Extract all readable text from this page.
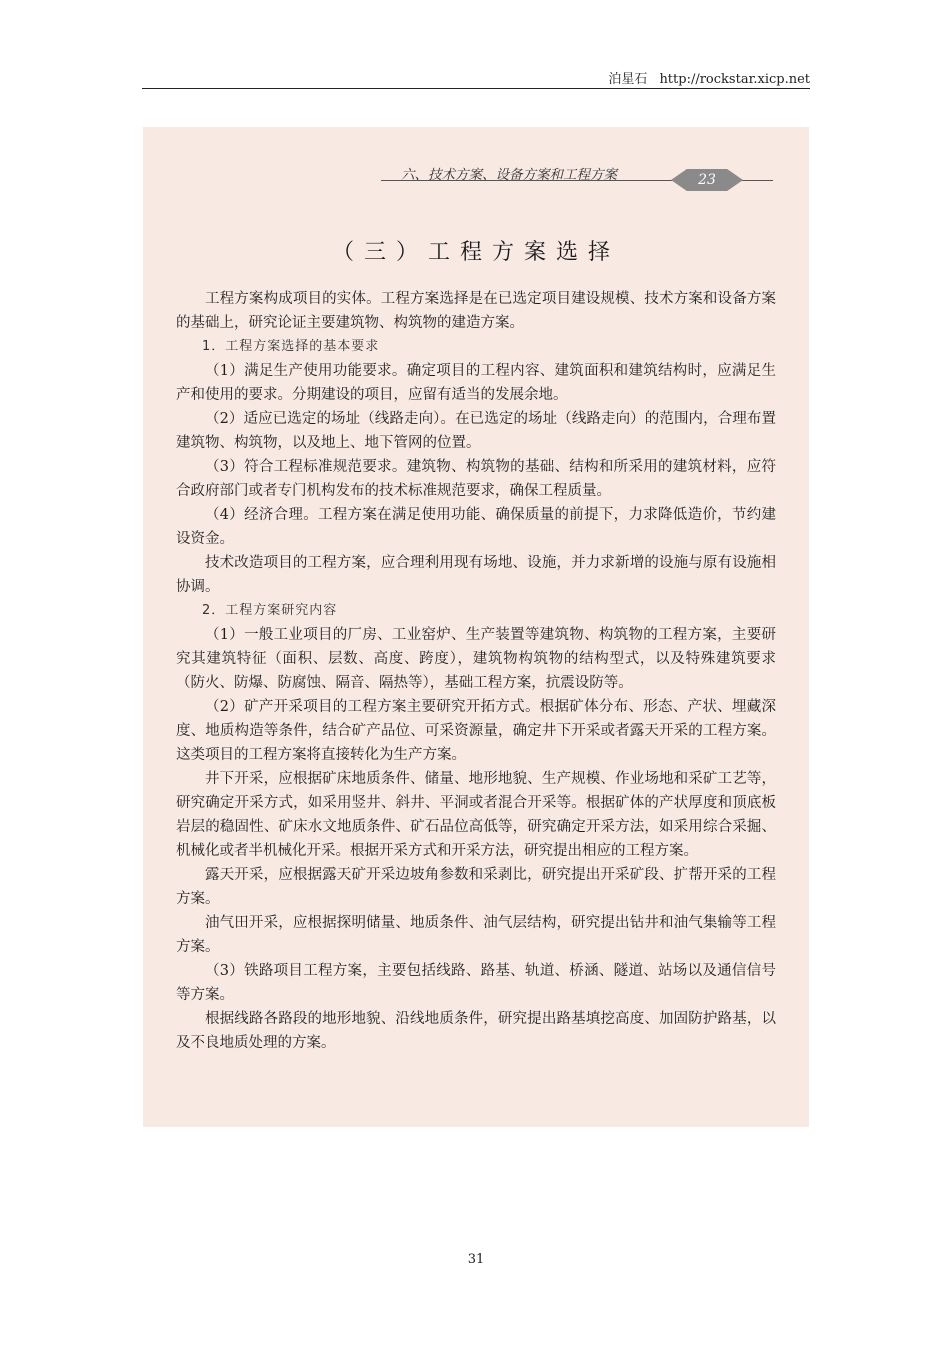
泊星石 http://rockstar.xicp.net
六、技术方案、设备方案和工程方案	23
（三）工程方案选择

工程方案构成项目的实体。工程方案选择是在已选定项目建设规模、技术方案和设备方案的基础上，研究论证主要建筑物、构筑物的建造方案。

1．工程方案选择的基本要求

（1）满足生产使用功能要求。确定项目的工程内容、建筑面积和建筑结构时，应满足生产和使用的要求。分期建设的项目，应留有适当的发展余地。

（2）适应已选定的场址（线路走向）。在已选定的场址（线路走向）的范围内，合理布置建筑物、构筑物，以及地上、地下管网的位置。

（3）符合工程标准规范要求。建筑物、构筑物的基础、结构和所采用的建筑材料，应符合政府部门或者专门机构发布的技术标准规范要求，确保工程质量。

（4）经济合理。工程方案在满足使用功能、确保质量的前提下，力求降低造价，节约建设资金。

技术改造项目的工程方案，应合理利用现有场地、设施，并力求新增的设施与原有设施相协调。

2．工程方案研究内容

（1）一般工业项目的厂房、工业窑炉、生产装置等建筑物、构筑物的工程方案，主要研究其建筑特征（面积、层数、高度、跨度），建筑物构筑物的结构型式，以及特殊建筑要求（防火、防爆、防腐蚀、隔音、隔热等），基础工程方案，抗震设防等。

（2）矿产开采项目的工程方案主要研究开拓方式。根据矿体分布、形态、产状、埋藏深度、地质构造等条件，结合矿产品位、可采资源量，确定井下开采或者露天开采的工程方案。这类项目的工程方案将直接转化为生产方案。

井下开采，应根据矿床地质条件、储量、地形地貌、生产规模、作业场地和采矿工艺等，研究确定开采方式，如采用竖井、斜井、平洞或者混合开采等。根据矿体的产状厚度和顶底板岩层的稳固性、矿床水文地质条件、矿石品位高低等，研究确定开采方法，如采用综合采掘、机械化或者半机械化开采。根据开采方式和开采方法，研究提出相应的工程方案。

露天开采，应根据露天矿开采边坡角参数和采剥比，研究提出开采矿段、扩帮开采的工程方案。

油气田开采，应根据探明储量、地质条件、油气层结构，研究提出钻井和油气集输等工程方案。

（3）铁路项目工程方案，主要包括线路、路基、轨道、桥涵、隧道、站场以及通信信号等方案。

根据线路各路段的地形地貌、沿线地质条件，研究提出路基填挖高度、加固防护路基，以及不良地质处理的方案。

31
